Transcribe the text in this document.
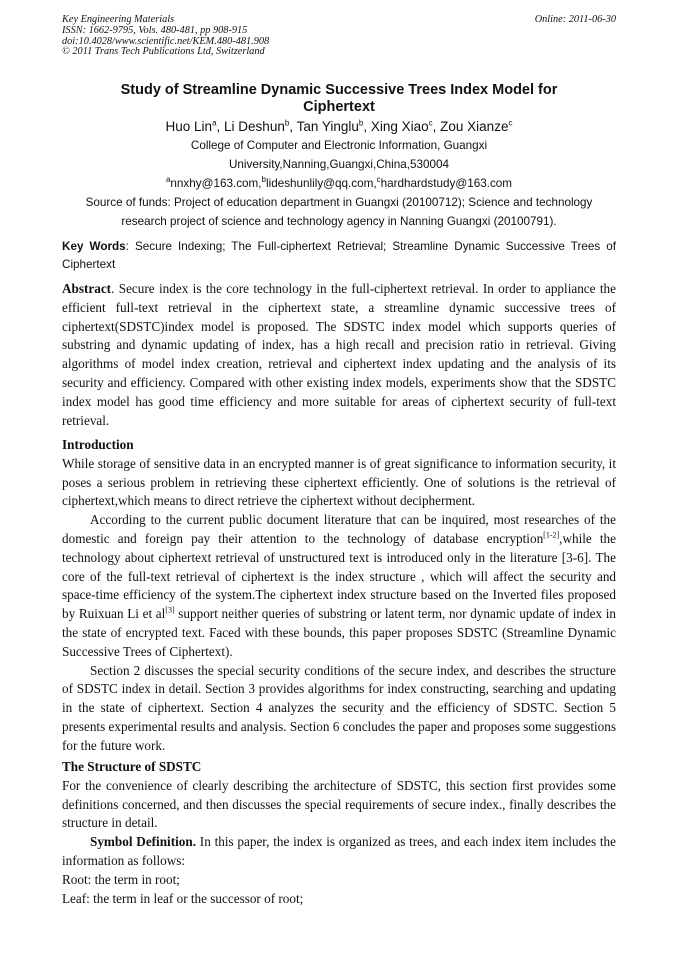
Key Engineering Materials
ISSN: 1662-9795, Vols. 480-481, pp 908-915
doi:10.4028/www.scientific.net/KEM.480-481.908
© 2011 Trans Tech Publications Ltd, Switzerland
Online: 2011-06-30
Study of Streamline Dynamic Successive Trees Index Model for
Ciphertext
Huo Lin$^a$, Li Deshun$^b$, Tan Yinglu$^b$, Xing Xiao$^c$, Zou Xianze$^c$
College of Computer and Electronic Information, Guangxi
University,Nanning,Guangxi,China,530004
$^a$nnxhy@163.com,$^b$lideshunlily@qq.com,$^c$hardhardstudy@163.com
Source of funds: Project of education department in Guangxi (20100712); Science and technology
research project of science and technology agency in Nanning Guangxi (20100791).
Key Words: Secure Indexing; The Full-ciphertext Retrieval; Streamline Dynamic Successive Trees of Ciphertext

Abstract. Secure index is the core technology in the full-ciphertext retrieval. In order to appliance the efficient full-text retrieval in the ciphertext state, a streamline dynamic successive trees of ciphertext(SDSTC)index model is proposed. The SDSTC index model which supports queries of substring and dynamic updating of index, has a high recall and precision ratio in retrieval. Giving algorithms of model index creation, retrieval and ciphertext index updating and the analysis of its security and efficiency. Compared with other existing index models, experiments show that the SDSTC index model has good time efficiency and more suitable for areas of ciphertext security of full-text retrieval.

Introduction

While storage of sensitive data in an encrypted manner is of great significance to information security, it poses a serious problem in retrieving these ciphertext efficiently. One of solutions is the retrieval of ciphertext,which means to direct retrieve the ciphertext without decipherment.

According to the current public document literature that can be inquired, most researches of the domestic and foreign pay their attention to the technology of database encryption[1-2],while the technology about ciphertext retrieval of unstructured text is introduced only in the literature [3-6]. The core of the full-text retrieval of ciphertext is the index structure , which will affect the security and space-time efficiency of the system.The ciphertext index structure based on the Inverted files proposed by Ruixuan Li et al[3] support neither queries of substring or latent term, nor dynamic update of index in the state of encrypted text. Faced with these bounds, this paper proposes SDSTC (Streamline Dynamic Successive Trees of Ciphertext).

Section 2 discusses the special security conditions of the secure index, and describes the structure of SDSTC index in detail. Section 3 provides algorithms for index constructing, searching and updating in the state of ciphertext. Section 4 analyzes the security and the efficiency of SDSTC. Section 5 presents experimental results and analysis. Section 6 concludes the paper and proposes some suggestions for the future work.

The Structure of SDSTC

For the convenience of clearly describing the architecture of SDSTC, this section first provides some definitions concerned, and then discusses the special requirements of secure index., finally describes the structure in detail.

Symbol Definition. In this paper, the index is organized as trees, and each index item includes the information as follows:

Root: the term in root;

Leaf: the term in leaf or the successor of root;
